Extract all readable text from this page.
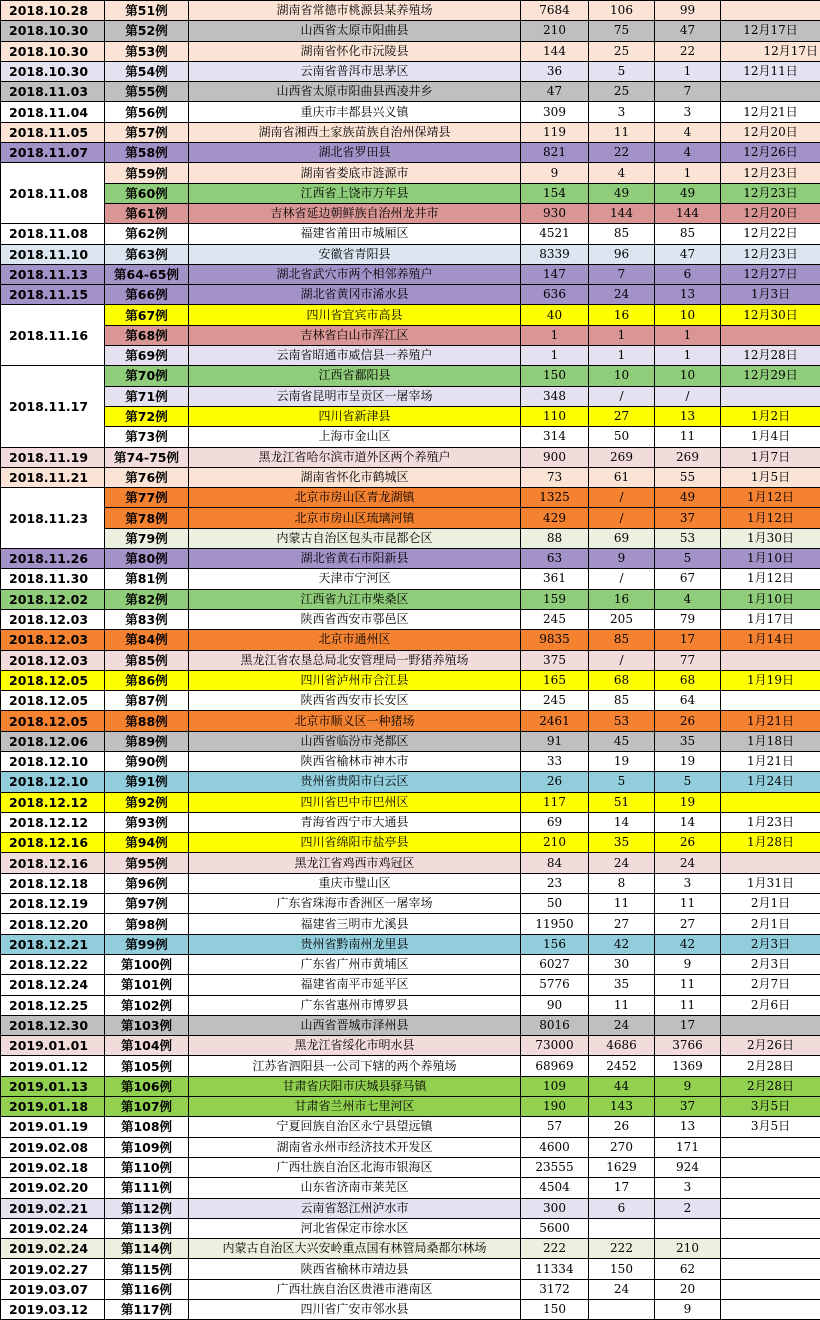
2018.10.28	第51例	湖南省常德市桃源县某养殖场	7684	106	99	
2018.10.30	第52例	山西省太原市阳曲县	210	75	47	12月17日
2018.10.30	第53例	湖南省怀化市沅陵县	144	25	22	12月17日
2018.10.30	第54例	云南省普洱市思茅区	36	5	1	12月11日
2018.11.03	第55例	山西省太原市阳曲县西凌井乡	47	25	7	
2018.11.04	第56例	重庆市丰都县兴义镇	309	3	3	12月21日
2018.11.05	第57例	湖南省湘西土家族苗族自治州保靖县	119	11	4	12月20日
2018.11.07	第58例	湖北省罗田县	821	22	4	12月26日
2018.11.08	第59例	湖南省娄底市涟源市	9	4	1	12月23日
	第60例	江西省上饶市万年县	154	49	49	12月23日
	第61例	吉林省延边朝鲜族自治州龙井市	930	144	144	12月20日
2018.11.08	第62例	福建省莆田市城厢区	4521	85	85	12月22日
2018.11.10	第63例	安徽省青阳县	8339	96	47	12月23日
2018.11.13	第64-65例	湖北省武穴市两个相邻养殖户	147	7	6	12月27日
2018.11.15	第66例	湖北省黄冈市浠水县	636	24	13	1月3日
2018.11.16	第67例	四川省宜宾市高县	40	16	10	12月30日
	第68例	吉林省白山市浑江区	1	1	1	
	第69例	云南省昭通市威信县一养殖户	1	1	1	12月28日
2018.11.17	第70例	江西省鄱阳县	150	10	10	12月29日
	第71例	云南省昆明市呈贡区一屠宰场	348	/	/	
	第72例	四川省新津县	110	27	13	1月2日
	第73例	上海市金山区	314	50	11	1月4日
2018.11.19	第74-75例	黑龙江省哈尔滨市道外区两个养殖户	900	269	269	1月7日
2018.11.21	第76例	湖南省怀化市鹤城区	73	61	55	1月5日
2018.11.23	第77例	北京市房山区青龙湖镇	1325	/	49	1月12日
	第78例	北京市房山区琉璃河镇	429	/	37	1月12日
	第79例	内蒙古自治区包头市昆都仑区	88	69	53	1月30日
2018.11.26	第80例	湖北省黄石市阳新县	63	9	5	1月10日
2018.11.30	第81例	天津市宁河区	361	/	67	1月12日
2018.12.02	第82例	江西省九江市柴桑区	159	16	4	1月10日
2018.12.03	第83例	陕西省西安市鄠邑区	245	205	79	1月17日
2018.12.03	第84例	北京市通州区	9835	85	17	1月14日
2018.12.03	第85例	黑龙江省农垦总局北安管理局一野猪养殖场	375	/	77	
2018.12.05	第86例	四川省泸州市合江县	165	68	68	1月19日
2018.12.05	第87例	陕西省西安市长安区	245	85	64	
2018.12.05	第88例	北京市顺义区一种猪场	2461	53	26	1月21日
2018.12.06	第89例	山西省临汾市尧都区	91	45	35	1月18日
2018.12.10	第90例	陕西省榆林市神木市	33	19	19	1月21日
2018.12.10	第91例	贵州省贵阳市白云区	26	5	5	1月24日
2018.12.12	第92例	四川省巴中市巴州区	117	51	19	
2018.12.12	第93例	青海省西宁市大通县	69	14	14	1月23日
2018.12.16	第94例	四川省绵阳市盐亭县	210	35	26	1月28日
2018.12.16	第95例	黑龙江省鸡西市鸡冠区	84	24	24	
2018.12.18	第96例	重庆市璧山区	23	8	3	1月31日
2018.12.19	第97例	广东省珠海市香洲区一屠宰场	50	11	11	2月1日
2018.12.20	第98例	福建省三明市尤溪县	11950	27	27	2月1日
2018.12.21	第99例	贵州省黔南州龙里县	156	42	42	2月3日
2018.12.22	第100例	广东省广州市黄埔区	6027	30	9	2月3日
2018.12.24	第101例	福建省南平市延平区	5776	35	11	2月7日
2018.12.25	第102例	广东省惠州市博罗县	90	11	11	2月6日
2018.12.30	第103例	山西省晋城市泽州县	8016	24	17	
2019.01.01	第104例	黑龙江省绥化市明水县	73000	4686	3766	2月26日
2019.01.12	第105例	江苏省泗阳县一公司下辖的两个养殖场	68969	2452	1369	2月28日
2019.01.13	第106例	甘肃省庆阳市庆城县驿马镇	109	44	9	2月28日
2019.01.18	第107例	甘肃省兰州市七里河区	190	143	37	3月5日
2019.01.19	第108例	宁夏回族自治区永宁县望远镇	57	26	13	3月5日
2019.02.08	第109例	湖南省永州市经济技术开发区	4600	270	171	
2019.02.18	第110例	广西壮族自治区北海市银海区	23555	1629	924	
2019.02.20	第111例	山东省济南市莱芜区	4504	17	3	
2019.02.21	第112例	云南省怒江州泸水市	300	6	2	
2019.02.24	第113例	河北省保定市徐水区	5600			
2019.02.24	第114例	内蒙古自治区大兴安岭重点国有林管局桑都尔林场	222	222	210	
2019.02.27	第115例	陕西省榆林市靖边县	11334	150	62	
2019.03.07	第116例	广西壮族自治区贵港市港南区	3172	24	20	
2019.03.12	第117例	四川省广安市邻水县	150		9	
